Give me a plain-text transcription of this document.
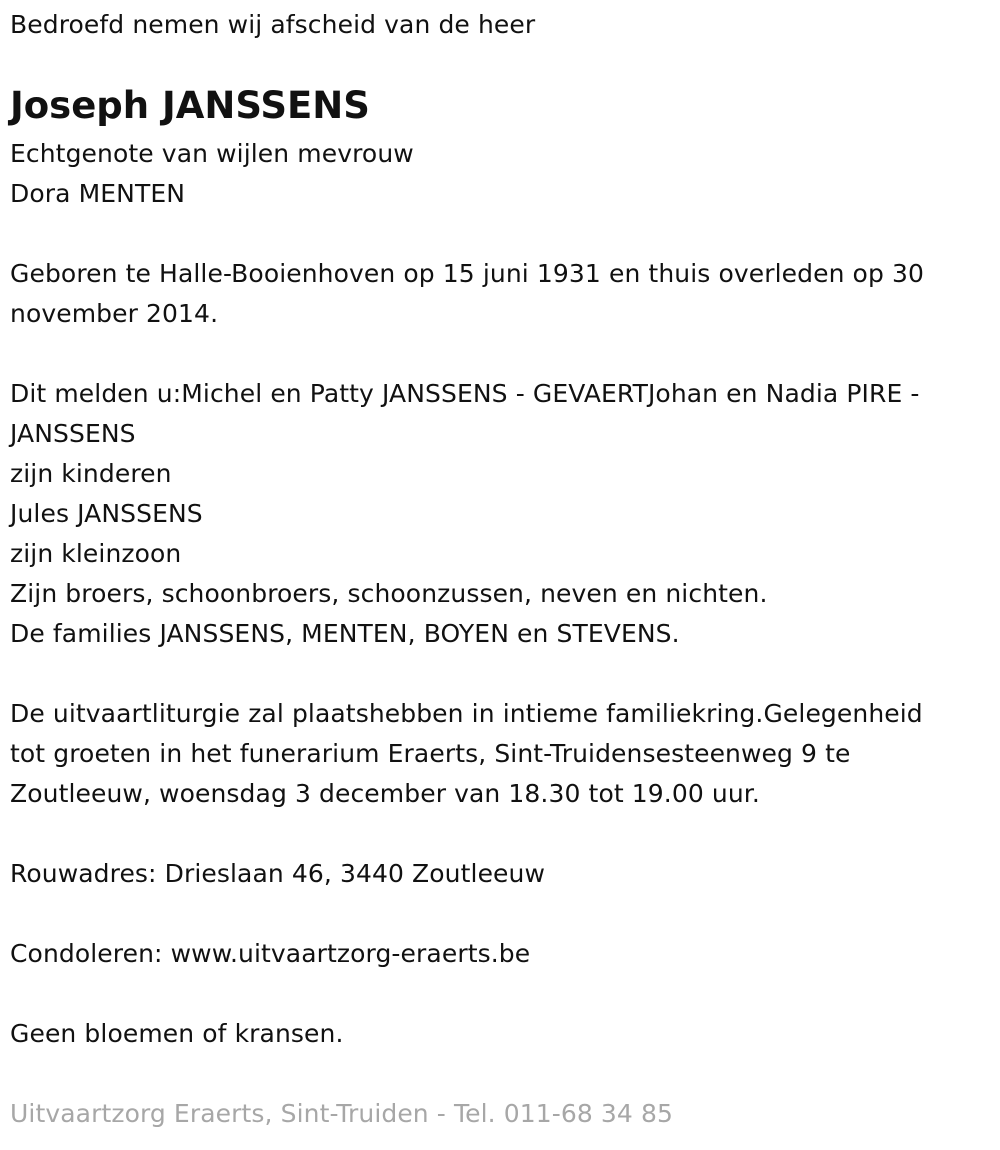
Bedroefd nemen wij afscheid van de heer
Joseph JANSSENS
Echtgenote van wijlen mevrouw
Dora MENTEN
Geboren te Halle-Booienhoven op 15 juni 1931 en thuis overleden op 30
november 2014.
Dit melden u:Michel en Patty JANSSENS - GEVAERTJohan en Nadia PIRE -
JANSSENS
zijn kinderen
Jules JANSSENS
zijn kleinzoon
Zijn broers, schoonbroers, schoonzussen, neven en nichten.
De families JANSSENS, MENTEN, BOYEN en STEVENS.
De uitvaartliturgie zal plaatshebben in intieme familiekring.Gelegenheid
tot groeten in het funerarium Eraerts, Sint-Truidensesteenweg 9 te
Zoutleeuw, woensdag 3 december van 18.30 tot 19.00 uur.
Rouwadres: Drieslaan 46, 3440 Zoutleeuw
Condoleren: www.uitvaartzorg-eraerts.be
Geen bloemen of kransen.
Uitvaartzorg Eraerts, Sint-Truiden - Tel. 011-68 34 85
